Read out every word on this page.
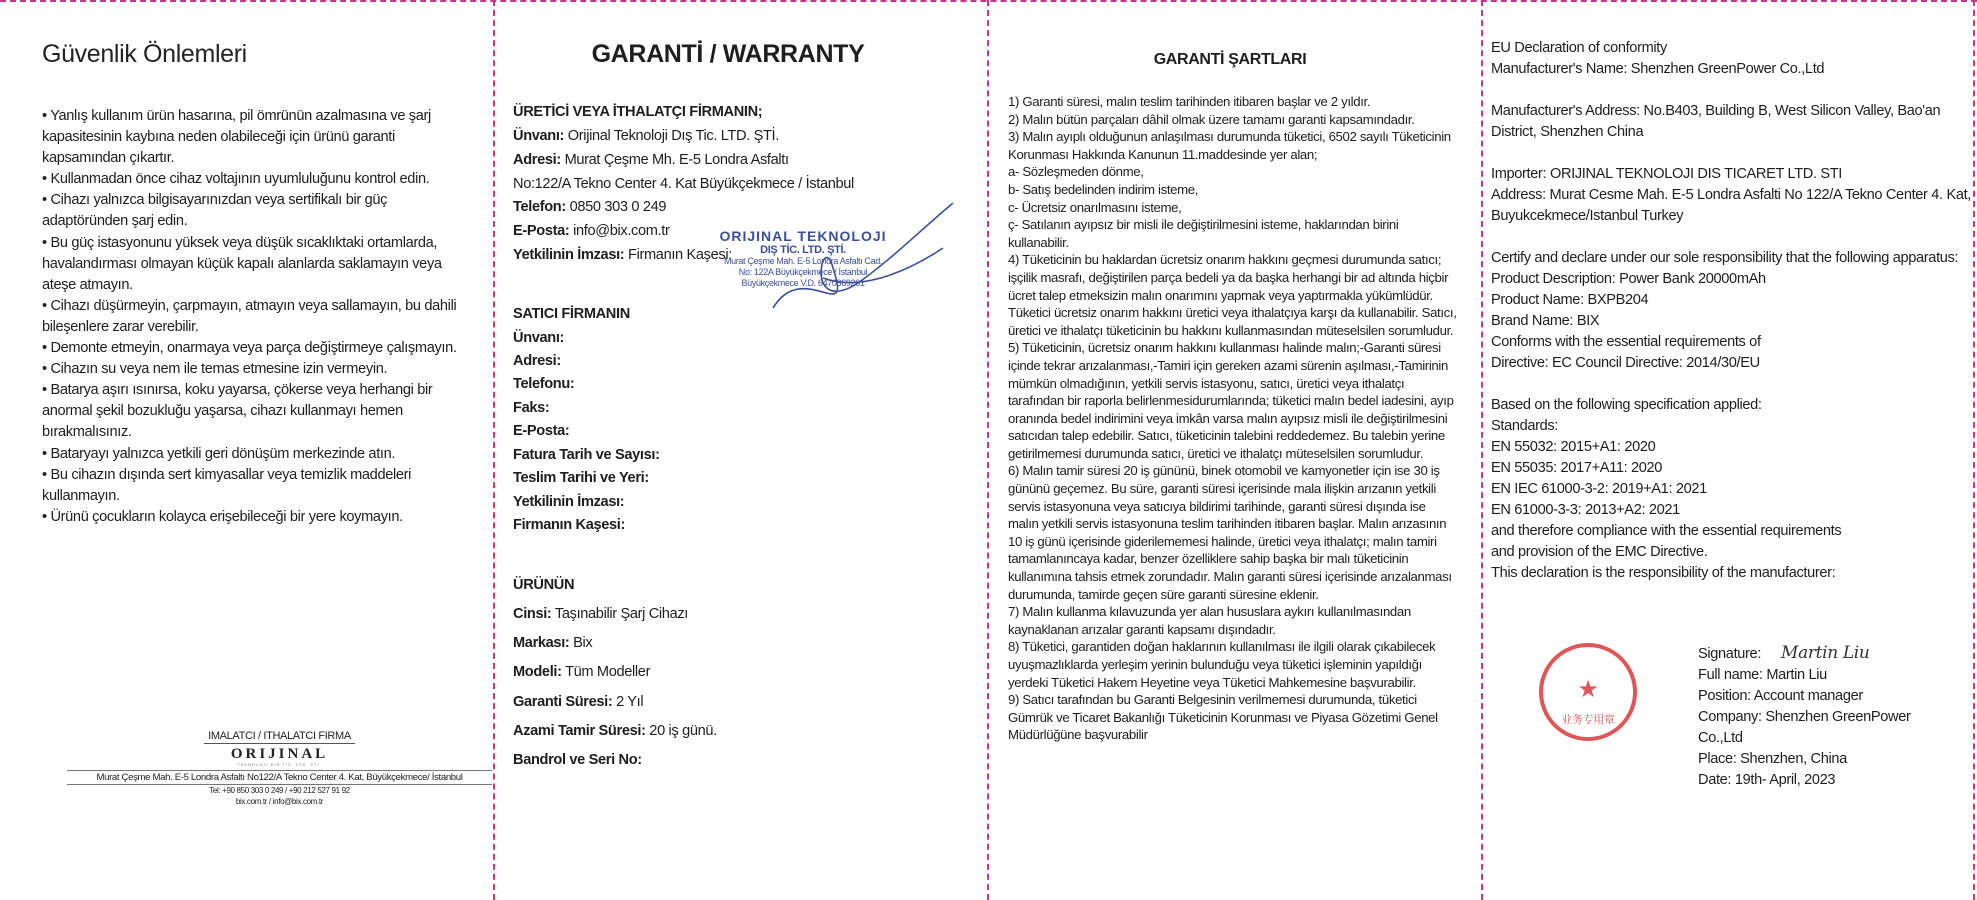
Güvenlik Önlemleri
• Yanlış kullanım ürün hasarına, pil ömrünün azalmasına ve şarj kapasitesinin kaybına neden olabileceği için ürünü garanti kapsamından çıkartır.
• Kullanmadan önce cihaz voltajının uyumluluğunu kontrol edin.
• Cihazı yalnızca bilgisayarınızdan veya sertifikalı bir güç adaptöründen şarj edin.
• Bu güç istasyonunu yüksek veya düşük sıcaklıktaki ortamlarda, havalandırması olmayan küçük kapalı alanlarda saklamayın veya ateşe atmayın.
• Cihazı düşürmeyin, çarpmayın, atmayın veya sallamayın, bu dahili bileşenlere zarar verebilir.
• Demonte etmeyin, onarmaya veya parça değiştirmeye çalışmayın.
• Cihazın su veya nem ile temas etmesine izin vermeyin.
• Batarya aşırı ısınırsa, koku yayarsa, çökerse veya herhangi bir anormal şekil bozukluğu yaşarsa, cihazı kullanmayı hemen bırakmalısınız.
• Bataryayı yalnızca yetkili geri dönüşüm merkezinde atın.
• Bu cihazın dışında sert kimyasallar veya temizlik maddeleri kullanmayın.
• Ürünü çocukların kolayca erişebileceği bir yere koymayın.
IMALATCI / ITHALATCI FIRMA
ORIJINAL
TEKNOLOJI DIS TIC. LTD. STI.
Murat Çeşme Mah. E-5 Londra Asfaltı No122/A Tekno Center 4. Kat, Büyükçekmece/ İstanbul
Tel: +90 850 303 0 249 / +90 212 527 91 92
bix.com.tr / info@bix.com.tr
GARANTİ / WARRANTY
ÜRETİCİ VEYA İTHALATÇI FİRMANIN;
Ünvanı: Orijinal Teknoloji Dış Tic. LTD. ŞTİ.
Adresi: Murat Çeşme Mh. E-5 Londra Asfaltı
No:122/A Tekno Center 4. Kat Büyükçekmece / İstanbul
Telefon: 0850 303 0 249
E-Posta: info@bix.com.tr
Yetkilinin İmzası: Firmanın Kaşesi:
ORIJINAL TEKNOLOJI
DIŞ TİC. LTD. ŞTİ.
Murat Çeşme Mah. E-5 Londra Asfaltı Cad.
No: 122A Büyükçekmece / İstanbul
Büyükçekmece V.D. 6470369261
SATICI FİRMANIN
Ünvanı:
Adresi:
Telefonu:
Faks:
E-Posta:
Fatura Tarih ve Sayısı:
Teslim Tarihi ve Yeri:
Yetkilinin İmzası:
Firmanın Kaşesi:
ÜRÜNÜN
Cinsi: Taşınabilir Şarj Cihazı
Markası: Bix
Modeli: Tüm Modeller
Garanti Süresi: 2 Yıl
Azami Tamir Süresi: 20 iş günü.
Bandrol ve Seri No:
GARANTİ ŞARTLARI

1) Garanti süresi, malın teslim tarihinden itibaren başlar ve 2 yıldır.

2) Malın bütün parçaları dâhil olmak üzere tamamı garanti kapsamındadır.

3) Malın ayıplı olduğunun anlaşılması durumunda tüketici, 6502 sayılı Tüketicinin Korunması Hakkında Kanunun 11.maddesinde yer alan;

a- Sözleşmeden dönme,

b- Satış bedelinden indirim isteme,

c- Ücretsiz onarılmasını isteme,

ç- Satılanın ayıpsız bir misli ile değiştirilmesini isteme, haklarından birini kullanabilir.

4) Tüketicinin bu haklardan ücretsiz onarım hakkını geçmesi durumunda satıcı; işçilik masrafı, değiştirilen parça bedeli ya da başka herhangi bir ad altında hiçbir ücret talep etmeksizin malın onarımını yapmak veya yaptırmakla yükümlüdür. Tüketici ücretsiz onarım hakkını üretici veya ithalatçıya karşı da kullanabilir. Satıcı, üretici ve ithalatçı tüketicinin bu hakkını kullanmasından müteselsilen sorumludur.

5) Tüketicinin, ücretsiz onarım hakkını kullanması halinde malın;-Garanti süresi içinde tekrar arızalanması,-Tamiri için gereken azami sürenin aşılması,-Tamirinin mümkün olmadığının, yetkili servis istasyonu, satıcı, üretici veya ithalatçı tarafından bir raporla belirlenmesidurumlarında; tüketici malın bedel iadesini, ayıp oranında bedel indirimini veya imkân varsa malın ayıpsız misli ile değiştirilmesini satıcıdan talep edebilir. Satıcı, tüketicinin talebini reddedemez. Bu talebin yerine getirilmemesi durumunda satıcı, üretici ve ithalatçı müteselsilen sorumludur.

6) Malın tamir süresi 20 iş gününü, binek otomobil ve kamyonetler için ise 30 iş gününü geçemez. Bu süre, garanti süresi içerisinde mala ilişkin arızanın yetkili servis istasyonuna veya satıcıya bildirimi tarihinde, garanti süresi dışında ise malın yetkili servis istasyonuna teslim tarihinden itibaren başlar. Malın arızasının 10 iş günü içerisinde giderilememesi halinde, üretici veya ithalatçı; malın tamiri tamamlanıncaya kadar, benzer özelliklere sahip başka bir malı tüketicinin kullanımına tahsis etmek zorundadır. Malın garanti süresi içerisinde arızalanması durumunda, tamirde geçen süre garanti süresine eklenir.

7) Malın kullanma kılavuzunda yer alan hususlara aykırı kullanılmasından kaynaklanan arızalar garanti kapsamı dışındadır.

8) Tüketici, garantiden doğan haklarının kullanılması ile ilgili olarak çıkabilecek uyuşmazlıklarda yerleşim yerinin bulunduğu veya tüketici işleminin yapıldığı yerdeki Tüketici Hakem Heyetine veya Tüketici Mahkemesine başvurabilir.

9) Satıcı tarafından bu Garanti Belgesinin verilmemesi durumunda, tüketici Gümrük ve Ticaret Bakanlığı Tüketicinin Korunması ve Piyasa Gözetimi Genel Müdürlüğüne başvurabilir

EU Declaration of conformity
Manufacturer's Name: Shenzhen GreenPower Co.,Ltd
Manufacturer's Address: No.B403, Building B, West Silicon Valley, Bao'an District, Shenzhen China
Importer: ORIJINAL TEKNOLOJI DIS TICARET LTD. STI
Address: Murat Cesme Mah. E-5 Londra Asfalti No 122/A Tekno Center 4. Kat, Buyukcekmece/Istanbul Turkey
Certify and declare under our sole responsibility that the following apparatus:
Product Description: Power Bank 20000mAh
Product Name: BXPB204
Brand Name: BIX
Conforms with the essential requirements of
Directive: EC Council Directive: 2014/30/EU
Based on the following specification applied:
Standards:
EN 55032: 2015+A1: 2020
EN 55035: 2017+A11: 2020
EN IEC 61000-3-2: 2019+A1: 2021
EN 61000-3-3: 2013+A2: 2021
and therefore compliance with the essential requirements
and provision of the EMC Directive.
This declaration is the responsibility of the manufacturer:
★
业务专用章
Signature: Martin Liu
Full name: Martin Liu
Position: Account manager
Company: Shenzhen GreenPower Co.,Ltd
Place: Shenzhen, China
Date: 19th- April, 2023
